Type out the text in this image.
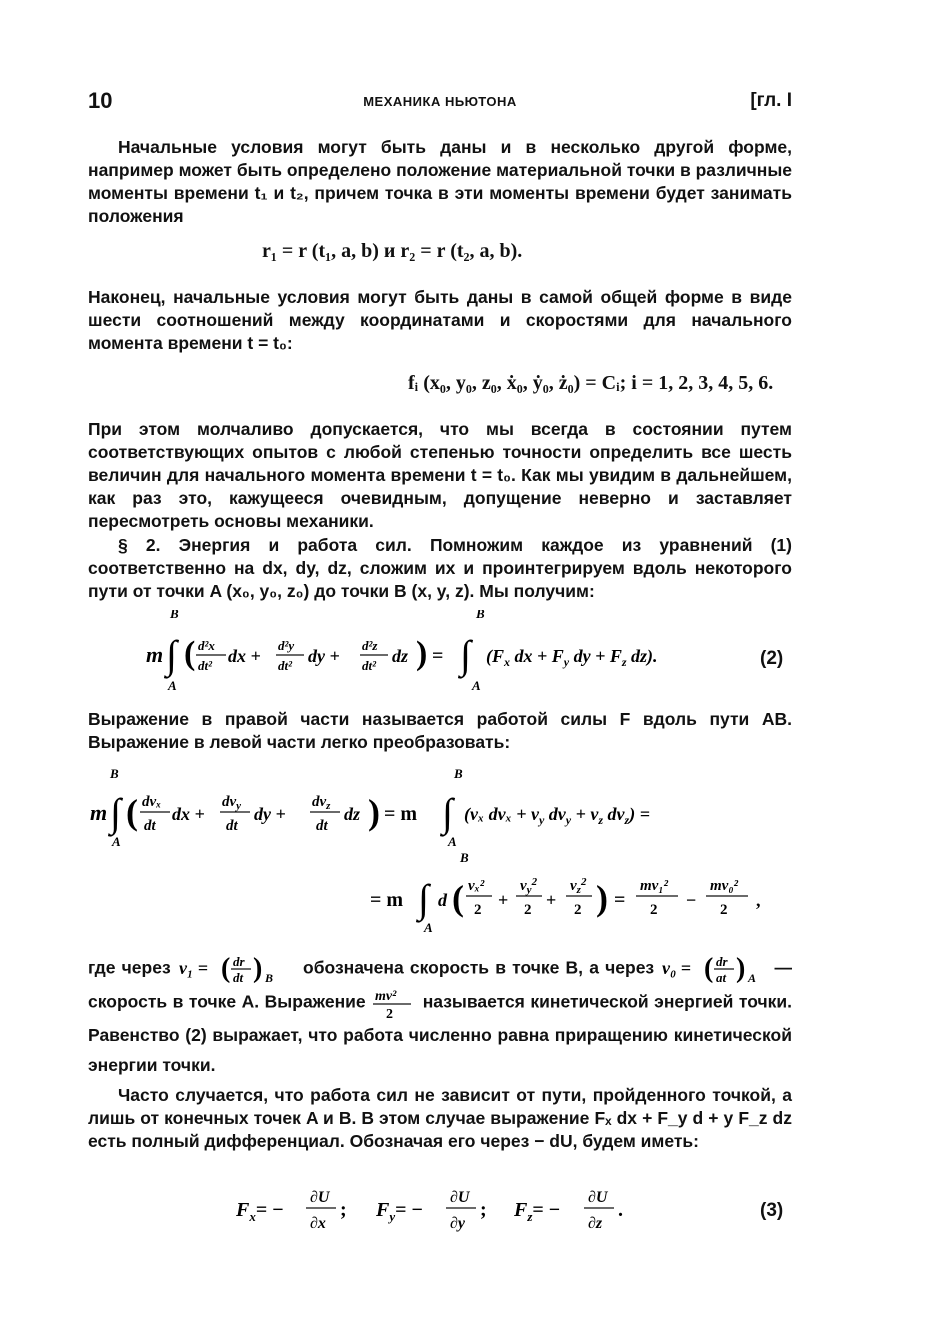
10	МЕХАНИКА НЬЮТОНА	[гл. I
Начальные условия могут быть даны и в несколько другой форме, например может быть определено положение материальной точки в различные моменты времени t₁ и t₂, причем точка в эти моменты времени будет занимать положения
r₁ = r (t₁, a, b) и r₂ = r (t₂, a, b).
Наконец, начальные условия могут быть даны в самой общей форме в виде шести соотношений между координатами и скоростями для начального момента времени t = t₀:
fᵢ (x₀, y₀, z₀, ẋ₀, ẏ₀, ż₀) = Cᵢ; i = 1, 2, 3, 4, 5, 6.
При этом молчаливо допускается, что мы всегда в состоянии путем соответствующих опытов с любой степенью точности определить все шесть величин для начального момента времени t = t₀. Как мы увидим в дальнейшем, как раз это, кажущееся очевидным, допущение неверно и заставляет пересмотреть основы механики.
§ 2. Энергия и работа сил. Помножим каждое из уравнений (1) соответственно на dx, dy, dz, сложим их и проинтегрируем вдоль некоторого пути от точки A (x₀, y₀, z₀) до точки B (x, y, z). Мы получим:
B
m ∫
A
( d²x
dt² dx +
d²y
dt² dy +
d²z
dt² dz ) =
B
∫
A
($F_x$ dx + $F_y$ dy + $F_z$ dz).	(2)
Выражение в правой части называется работой силы F вдоль пути AB. Выражение в левой части легко преобразовать:
B
m ∫
A
( dvₓ
dt
dx +
$dv_y$
dt
dy +
$dv_z$
dt
dz ) = m
B
∫
A
(vₓ $dv_x + v_y$ $dv_y + v_z$ $dv_z$) =
B
= m ∫
A
d ( vₓ²
2 +
$v_y^2$
2 +
$v_z^2$
2 ) =
mv₁²
2 −
mv₀²
2 ,
где через v₁ = ( dr
dt ) B
обозначена скорость в точке B, а через v₀ = ( dr
at ) A
— скорость в точке A. Выражение mv²
2
называется кинетической энергией точки. Равенство (2) выражает, что работа численно равна приращению кинетической энергии точки.
Часто случается, что работа сил не зависит от пути, пройденного точкой, а лишь от конечных точек A и B. В этом случае выражение Fₓ dx + F_y d + y F_z dz есть полный дифференциал. Обозначая его через − dU, будем иметь:
$F_x=$ −
∂U
∂x
; $F_y=$ −
∂U
∂y
; $F_z=$ −
∂U
∂z
.	(3)
